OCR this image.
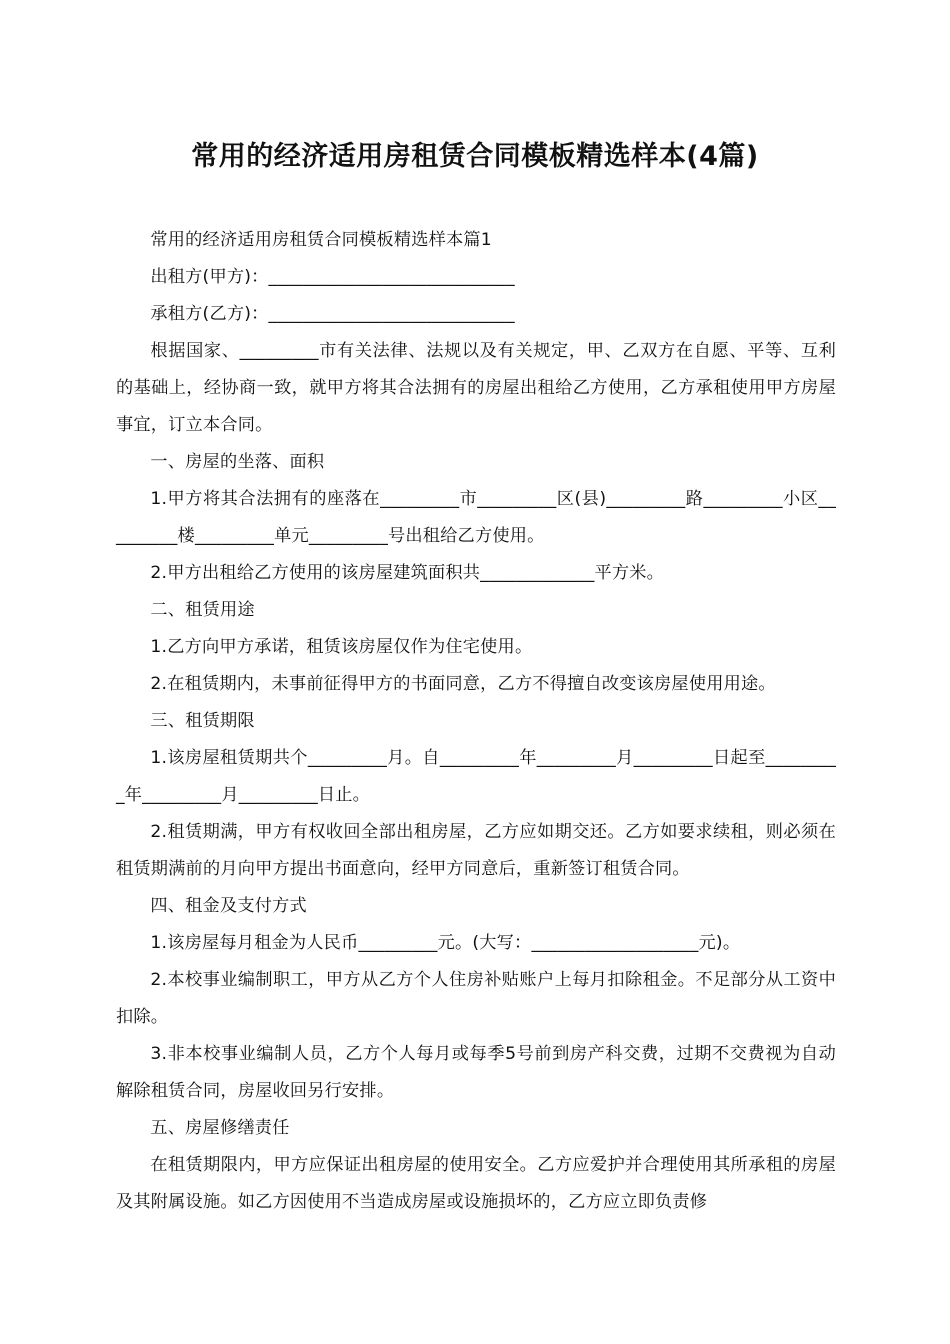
常用的经济适用房租赁合同模板精选样本(4篇)

常用的经济适用房租赁合同模板精选样本篇1

出租方(甲方)：____________________________

承租方(乙方)：____________________________

根据国家、_________市有关法律、法规以及有关规定，甲、乙双方在自愿、平等、互利的基础上，经协商一致，就甲方将其合法拥有的房屋出租给乙方使用，乙方承租使用甲方房屋事宜，订立本合同。

一、房屋的坐落、面积

1.甲方将其合法拥有的座落在_________市_________区(县)_________路_________小区_________楼_________单元_________号出租给乙方使用。

2.甲方出租给乙方使用的该房屋建筑面积共_____________平方米。

二、租赁用途

1.乙方向甲方承诺，租赁该房屋仅作为住宅使用。

2.在租赁期内，未事前征得甲方的书面同意，乙方不得擅自改变该房屋使用用途。

三、租赁期限

1.该房屋租赁期共个_________月。自_________年_________月_________日起至_________年_________月_________日止。

2.租赁期满，甲方有权收回全部出租房屋，乙方应如期交还。乙方如要求续租，则必须在租赁期满前的月向甲方提出书面意向，经甲方同意后，重新签订租赁合同。

四、租金及支付方式

1.该房屋每月租金为人民币_________元。(大写：___________________元)。

2.本校事业编制职工，甲方从乙方个人住房补贴账户上每月扣除租金。不足部分从工资中扣除。

3.非本校事业编制人员，乙方个人每月或每季5号前到房产科交费，过期不交费视为自动解除租赁合同，房屋收回另行安排。

五、房屋修缮责任

在租赁期限内，甲方应保证出租房屋的使用安全。乙方应爱护并合理使用其所承租的房屋及其附属设施。如乙方因使用不当造成房屋或设施损坏的，乙方应立即负责修
